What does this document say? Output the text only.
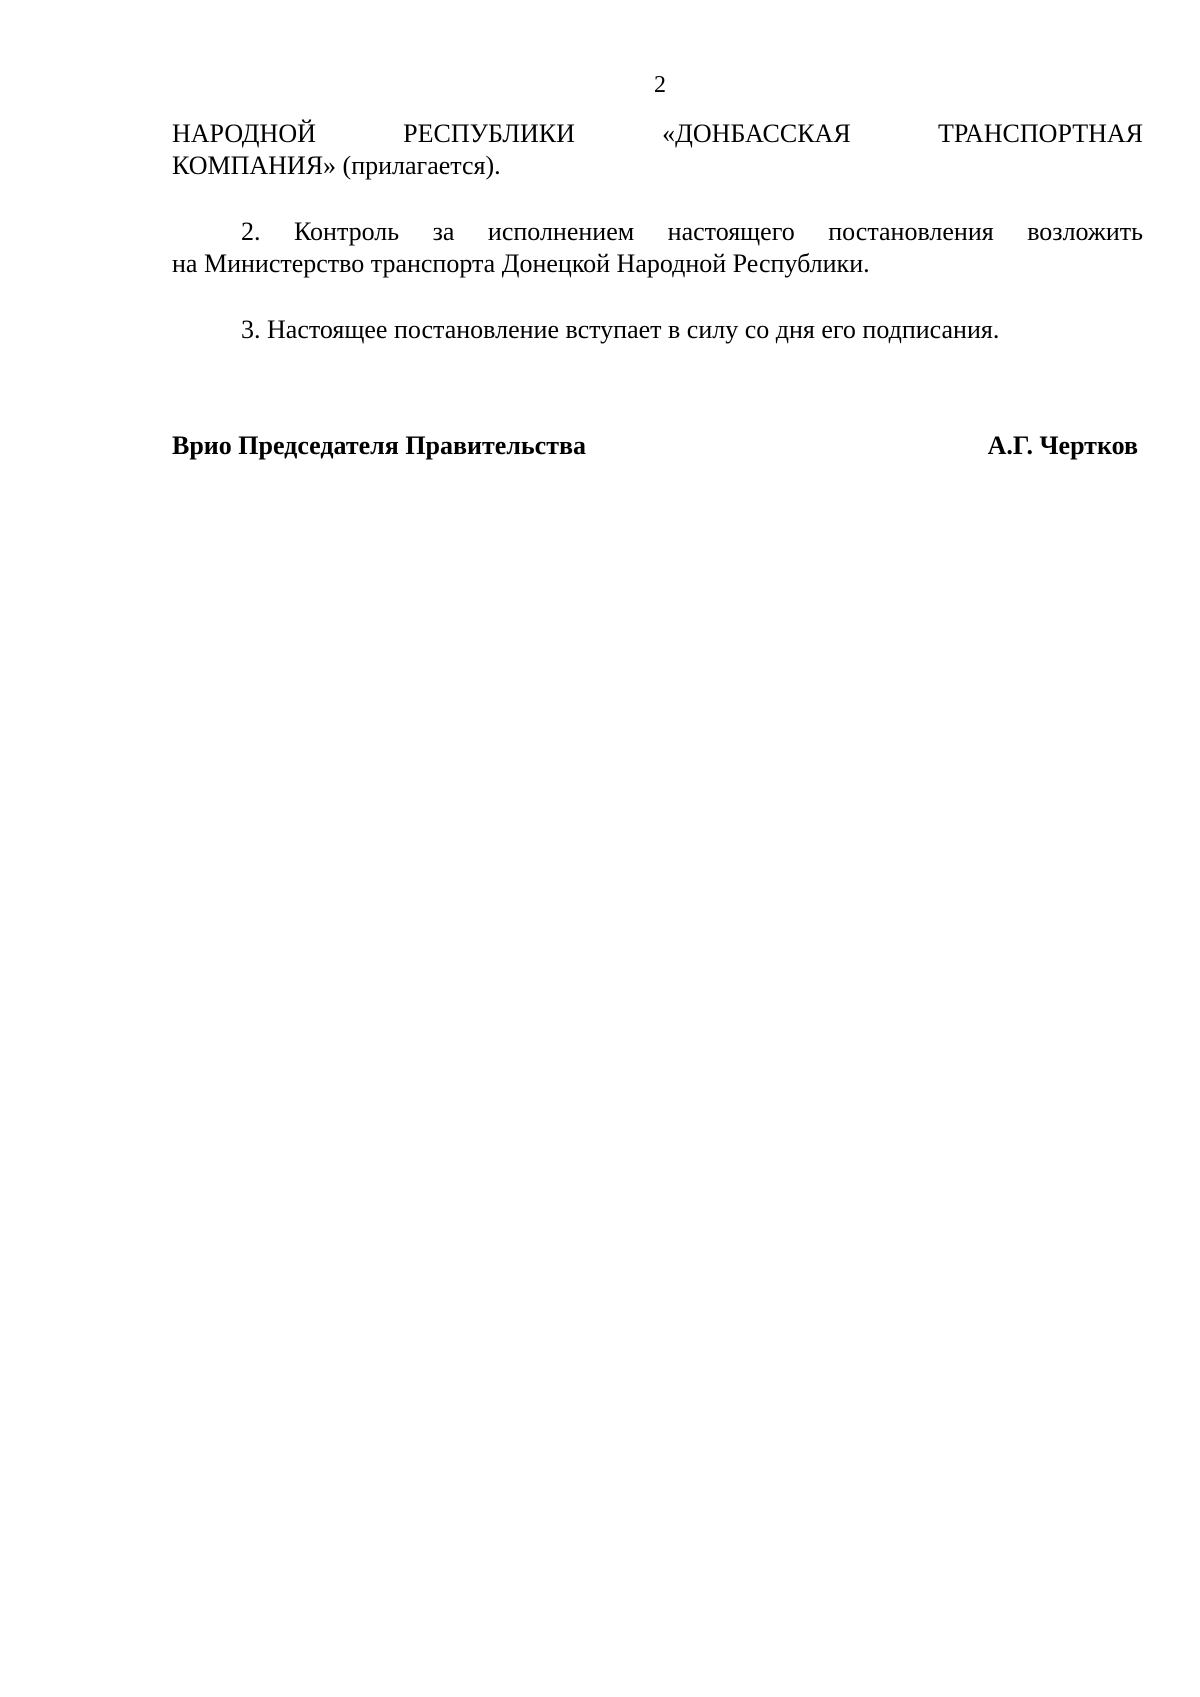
2
НАРОДНОЙ РЕСПУБЛИКИ «ДОНБАССКАЯ ТРАНСПОРТНАЯ
КОМПАНИЯ» (прилагается).
2. Контроль за исполнением настоящего постановления возложить
на Министерство транспорта Донецкой Народной Республики.
3. Настоящее постановление вступает в силу со дня его подписания.
Врио Председателя Правительства	А.Г. Чертков
